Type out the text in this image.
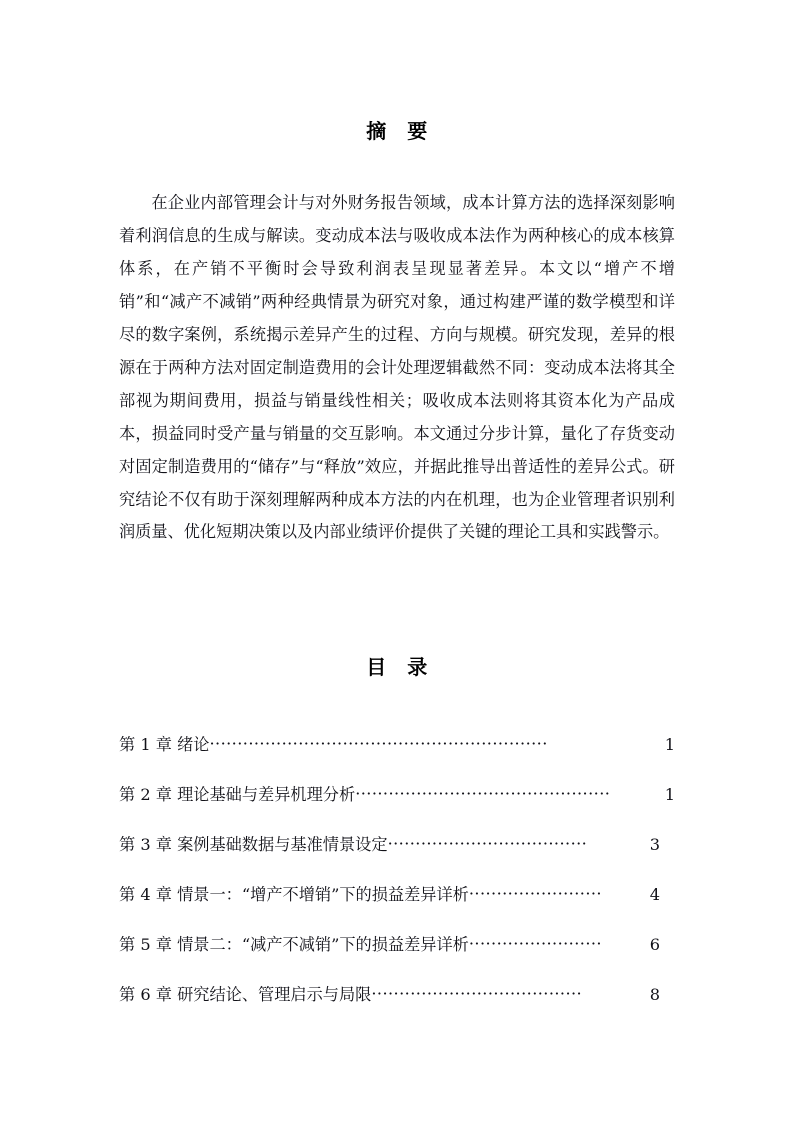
摘　要

在企业内部管理会计与对外财务报告领域，成本计算方法的选择深刻影响着利润信息的生成与解读。变动成本法与吸收成本法作为两种核心的成本核算体系，在产销不平衡时会导致利润表呈现显著差异。本文以“增产不增销”和“减产不减销”两种经典情景为研究对象，通过构建严谨的数学模型和详尽的数字案例，系统揭示差异产生的过程、方向与规模。研究发现，差异的根源在于两种方法对固定制造费用的会计处理逻辑截然不同：变动成本法将其全部视为期间费用，损益与销量线性相关；吸收成本法则将其资本化为产品成本，损益同时受产量与销量的交互影响。本文通过分步计算，量化了存货变动对固定制造费用的“储存”与“释放”效应，并据此推导出普适性的差异公式。研究结论不仅有助于深刻理解两种成本方法的内在机理，也为企业管理者识别利润质量、优化短期决策以及内部业绩评价提供了关键的理论工具和实践警示。

目　录
第 1 章 绪论 ·····························································	1
第 2 章 理论基础与差异机理分析 ··············································	1
第 3 章 案例基础数据与基准情景设定 ····································	3
第 4 章 情景一：“增产不增销”下的损益差异详析 ························	4
第 5 章 情景二：“减产不减销”下的损益差异详析 ························	6
第 6 章 研究结论、管理启示与局限 ······································	8
